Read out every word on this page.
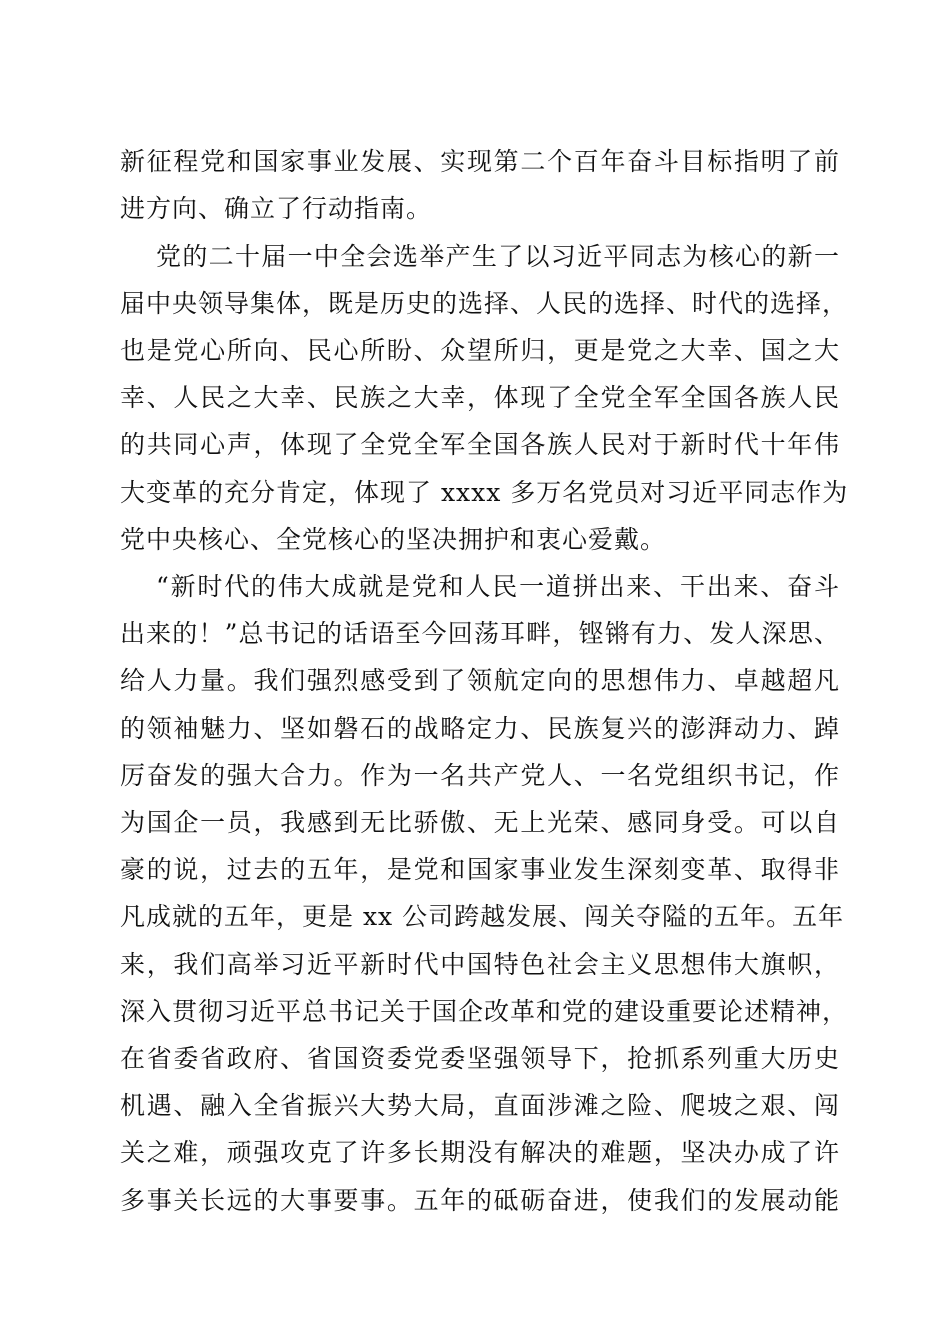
新征程党和国家事业发展、实现第二个百年奋斗目标指明了前
进方向、确立了行动指南。
党的二十届一中全会选举产生了以习近平同志为核心的新一
届中央领导集体，既是历史的选择、人民的选择、时代的选择，
也是党心所向、民心所盼、众望所归，更是党之大幸、国之大
幸、人民之大幸、民族之大幸，体现了全党全军全国各族人民
的共同心声，体现了全党全军全国各族人民对于新时代十年伟
大变革的充分肯定，体现了 xxxx 多万名党员对习近平同志作为
党中央核心、全党核心的坚决拥护和衷心爱戴。
“新时代的伟大成就是党和人民一道拼出来、干出来、奋斗
出来的！”总书记的话语至今回荡耳畔，铿锵有力、发人深思、
给人力量。我们强烈感受到了领航定向的思想伟力、卓越超凡
的领袖魅力、坚如磐石的战略定力、民族复兴的澎湃动力、踔
厉奋发的强大合力。作为一名共产党人、一名党组织书记，作
为国企一员，我感到无比骄傲、无上光荣、感同身受。可以自
豪的说，过去的五年，是党和国家事业发生深刻变革、取得非
凡成就的五年，更是 xx 公司跨越发展、闯关夺隘的五年。五年
来，我们高举习近平新时代中国特色社会主义思想伟大旗帜，
深入贯彻习近平总书记关于国企改革和党的建设重要论述精神，
在省委省政府、省国资委党委坚强领导下，抢抓系列重大历史
机遇、融入全省振兴大势大局，直面涉滩之险、爬坡之艰、闯
关之难，顽强攻克了许多长期没有解决的难题，坚决办成了许
多事关长远的大事要事。五年的砥砺奋进，使我们的发展动能
